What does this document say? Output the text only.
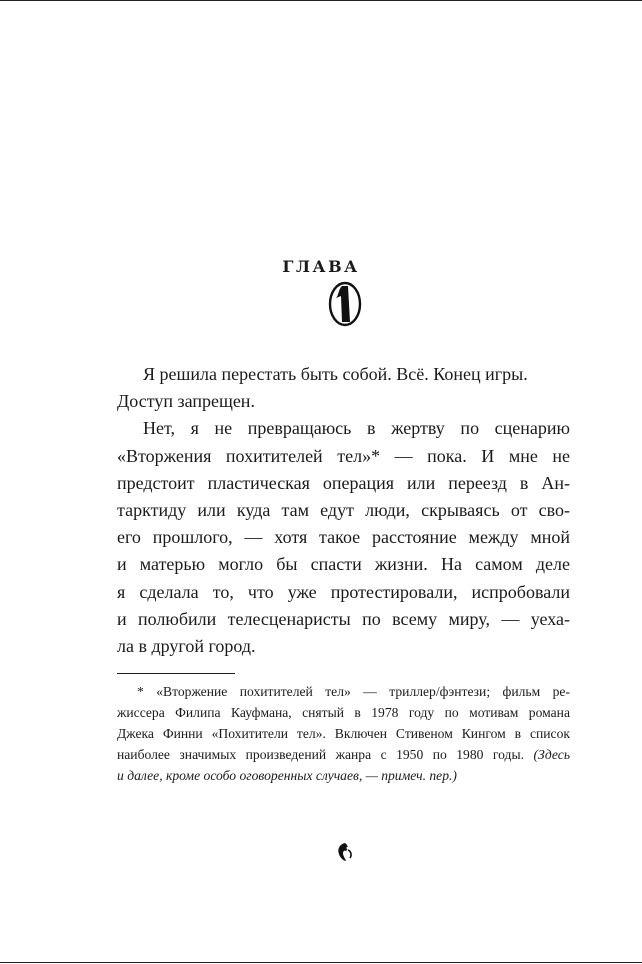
ГЛАВА
1
Я решила перестать быть собой. Всё. Конец игры.
Доступ запрещен.
Нет, я не превращаюсь в жертву по сценарию
«Вторжения похитителей тел»* — пока. И мне не
предстоит пластическая операция или переезд в Ан-
тарктиду или куда там едут люди, скрываясь от сво-
его прошлого, — хотя такое расстояние между мной
и матерью могло бы спасти жизни. На самом деле
я сделала то, что уже протестировали, испробовали
и полюбили телесценаристы по всему миру, — уеха-
ла в другой город.
* «Вторжение похитителей тел» — триллер/фэнтези; фильм ре-
жиссера Филипа Кауфмана, снятый в 1978 году по мотивам романа
Джека Финни «Похитители тел». Включен Стивеном Кингом в список
наиболее значимых произведений жанра с 1950 по 1980 годы. (Здесь
и далее, кроме особо оговоренных случаев, — примеч. пер.)
